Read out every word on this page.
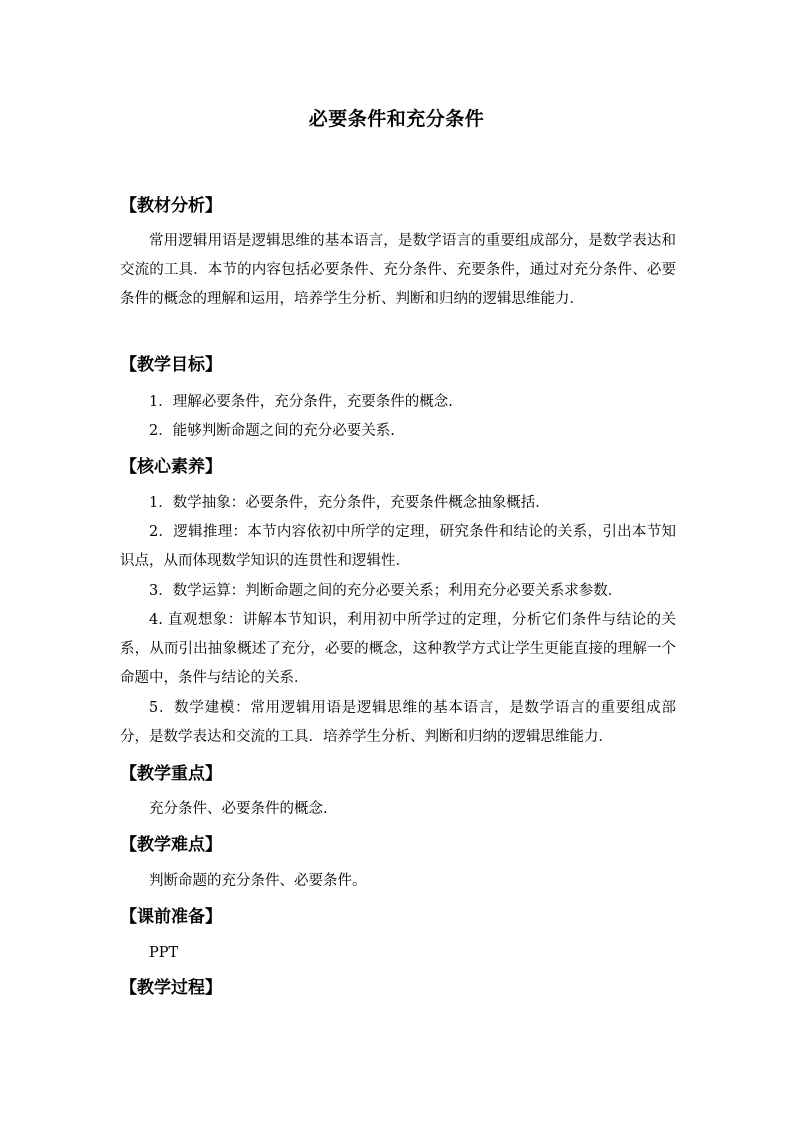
必要条件和充分条件
【教材分析】
常用逻辑用语是逻辑思维的基本语言，是数学语言的重要组成部分，是数学表达和交流的工具．本节的内容包括必要条件、充分条件、充要条件，通过对充分条件、必要条件的概念的理解和运用，培养学生分析、判断和归纳的逻辑思维能力．
【教学目标】
1．理解必要条件，充分条件，充要条件的概念.
2．能够判断命题之间的充分必要关系.
【核心素养】
1．数学抽象：必要条件，充分条件，充要条件概念抽象概括．
2．逻辑推理：本节内容依初中所学的定理，研究条件和结论的关系，引出本节知识点，从而体现数学知识的连贯性和逻辑性．
3．数学运算：判断命题之间的充分必要关系；利用充分必要关系求参数．
4. 直观想象：讲解本节知识，利用初中所学过的定理，分析它们条件与结论的关系，从而引出抽象概述了充分，必要的概念，这种教学方式让学生更能直接的理解一个命题中，条件与结论的关系．
5．数学建模：常用逻辑用语是逻辑思维的基本语言，是数学语言的重要组成部分，是数学表达和交流的工具．培养学生分析、判断和归纳的逻辑思维能力．
【教学重点】
充分条件、必要条件的概念.
【教学难点】
判断命题的充分条件、必要条件。
【课前准备】
PPT
【教学过程】
